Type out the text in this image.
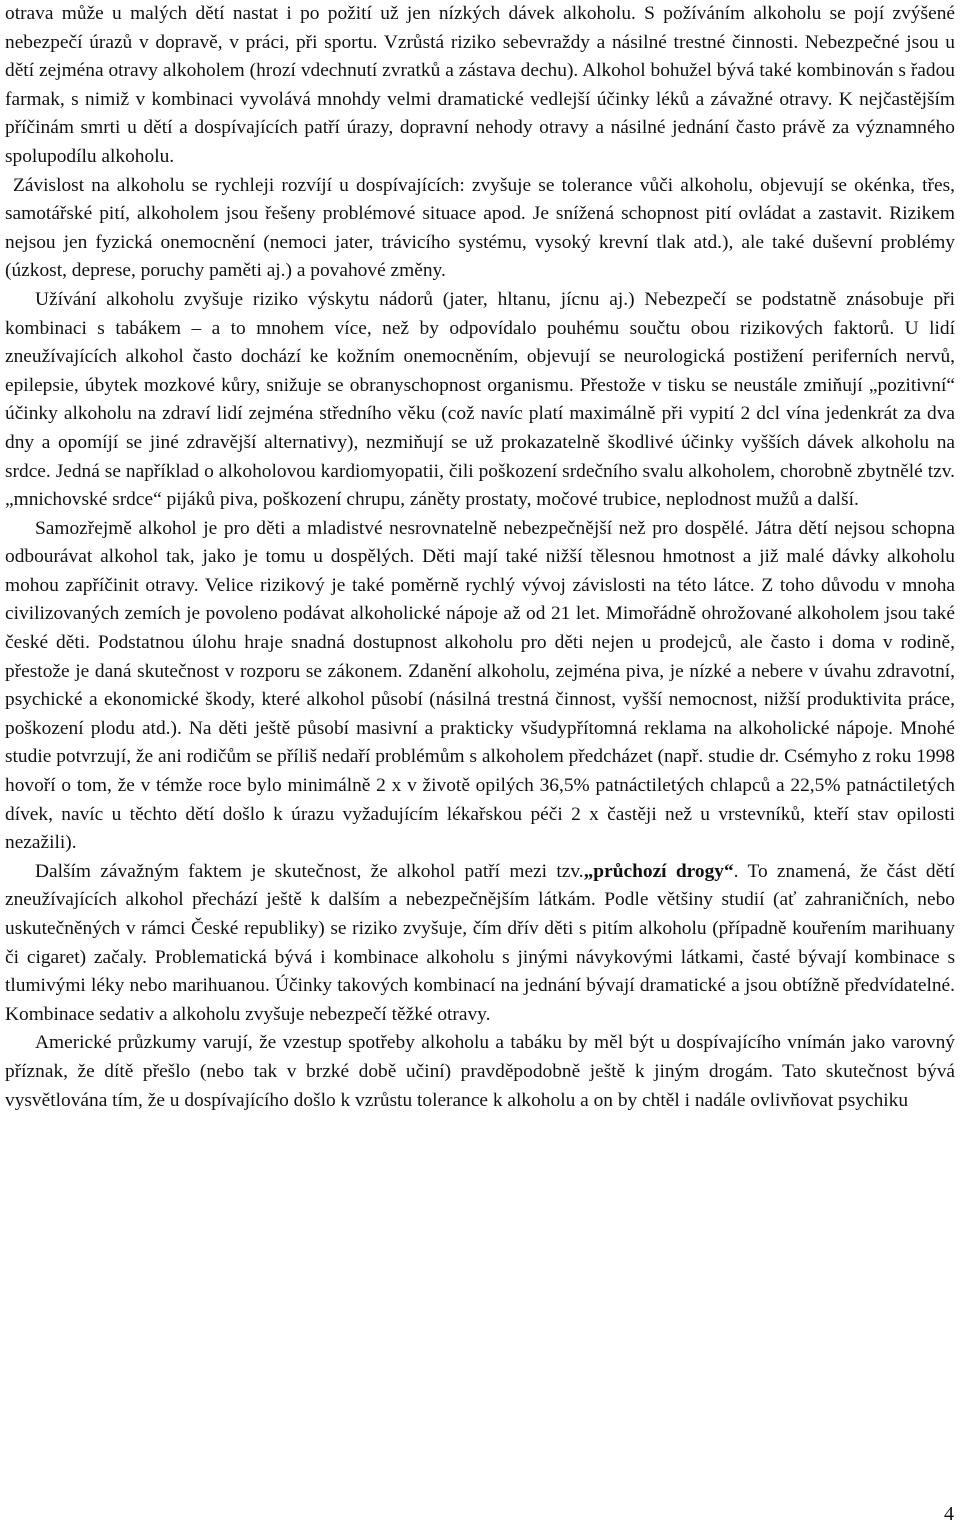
otrava může u malých dětí nastat i po požití už jen nízkých dávek alkoholu. S požíváním alkoholu se pojí zvýšené nebezpečí úrazů v dopravě, v práci, při sportu. Vzrůstá riziko sebevraždy a násilné trestné činnosti. Nebezpečné jsou u dětí zejména otravy alkoholem (hrozí vdechnutí zvratků a zástava dechu). Alkohol bohužel bývá také kombinován s řadou farmak, s nimiž v kombinaci vyvolává mnohdy velmi dramatické vedlejší účinky léků a závažné otravy. K nejčastějším příčinám smrti u dětí a dospívajících patří úrazy, dopravní nehody otravy a násilné jednání často právě za významného spolupodílu alkoholu.

Závislost na alkoholu se rychleji rozvíjí u dospívajících: zvyšuje se tolerance vůči alkoholu, objevují se okénka, třes, samotářské pití, alkoholem jsou řešeny problémové situace apod. Je snížená schopnost pití ovládat a zastavit. Rizikem nejsou jen fyzická onemocnění (nemoci jater, trávicího systému, vysoký krevní tlak atd.), ale také duševní problémy (úzkost, deprese, poruchy paměti aj.) a povahové změny.

Užívání alkoholu zvyšuje riziko výskytu nádorů (jater, hltanu, jícnu aj.) Nebezpečí se podstatně znásobuje při kombinaci s tabákem – a to mnohem více, než by odpovídalo pouhému součtu obou rizikových faktorů. U lidí zneužívajících alkohol často dochází ke kožním onemocněním, objevují se neurologická postižení periferních nervů, epilepsie, úbytek mozkové kůry, snižuje se obranyschopnost organismu. Přestože v tisku se neustále zmiňují „pozitivní“ účinky alkoholu na zdraví lidí zejména středního věku (což navíc platí maximálně při vypití 2 dcl vína jedenkrát za dva dny a opomíjí se jiné zdravější alternativy), nezmiňují se už prokazatelně škodlivé účinky vyšších dávek alkoholu na srdce. Jedná se například o alkoholovou kardiomyopatii, čili poškození srdečního svalu alkoholem, chorobně zbytnělé tzv. „mnichovské srdce“ pijáků piva, poškození chrupu, záněty prostaty, močové trubice, neplodnost mužů a další.

Samozřejmě alkohol je pro děti a mladistvé nesrovnatelně nebezpečnější než pro dospělé. Játra dětí nejsou schopna odbourávat alkohol tak, jako je tomu u dospělých. Děti mají také nižší tělesnou hmotnost a již malé dávky alkoholu mohou zapříčinit otravy. Velice rizikový je také poměrně rychlý vývoj závislosti na této látce. Z toho důvodu v mnoha civilizovaných zemích je povoleno podávat alkoholické nápoje až od 21 let. Mimořádně ohrožované alkoholem jsou také české děti. Podstatnou úlohu hraje snadná dostupnost alkoholu pro děti nejen u prodejců, ale často i doma v rodině, přestože je daná skutečnost v rozporu se zákonem. Zdanění alkoholu, zejména piva, je nízké a nebere v úvahu zdravotní, psychické a ekonomické škody, které alkohol působí (násilná trestná činnost, vyšší nemocnost, nižší produktivita práce, poškození plodu atd.). Na děti ještě působí masivní a prakticky všudypřítomná reklama na alkoholické nápoje. Mnohé studie potvrzují, že ani rodičům se příliš nedaří problémům s alkoholem předcházet (např. studie dr. Csémyho z roku 1998 hovoří o tom, že v témže roce bylo minimálně 2 x v životě opilých 36,5% patnáctiletých chlapců a 22,5% patnáctiletých dívek, navíc u těchto dětí došlo k úrazu vyžadujícím lékařskou péči 2 x častěji než u vrstevníků, kteří stav opilosti nezažili).

Dalším závažným faktem je skutečnost, že alkohol patří mezi tzv.„průchozí drogy“. To znamená, že část dětí zneužívajících alkohol přechází ještě k dalším a nebezpečnějším látkám. Podle většiny studií (ať zahraničních, nebo uskutečněných v rámci České republiky) se riziko zvyšuje, čím dřív děti s pitím alkoholu (případně kouřením marihuany či cigaret) začaly. Problematická bývá i kombinace alkoholu s jinými návykovými látkami, časté bývají kombinace s tlumivými léky nebo marihuanou. Účinky takových kombinací na jednání bývají dramatické a jsou obtížně předvídatelné. Kombinace sedativ a alkoholu zvyšuje nebezpečí těžké otravy.

Americké průzkumy varují, že vzestup spotřeby alkoholu a tabáku by měl být u dospívajícího vnímán jako varovný příznak, že dítě přešlo (nebo tak v brzké době učiní) pravděpodobně ještě k jiným drogám. Tato skutečnost bývá vysvětlována tím, že u dospívajícího došlo k vzrůstu tolerance k alkoholu a on by chtěl i nadále ovlivňovat psychiku

4
